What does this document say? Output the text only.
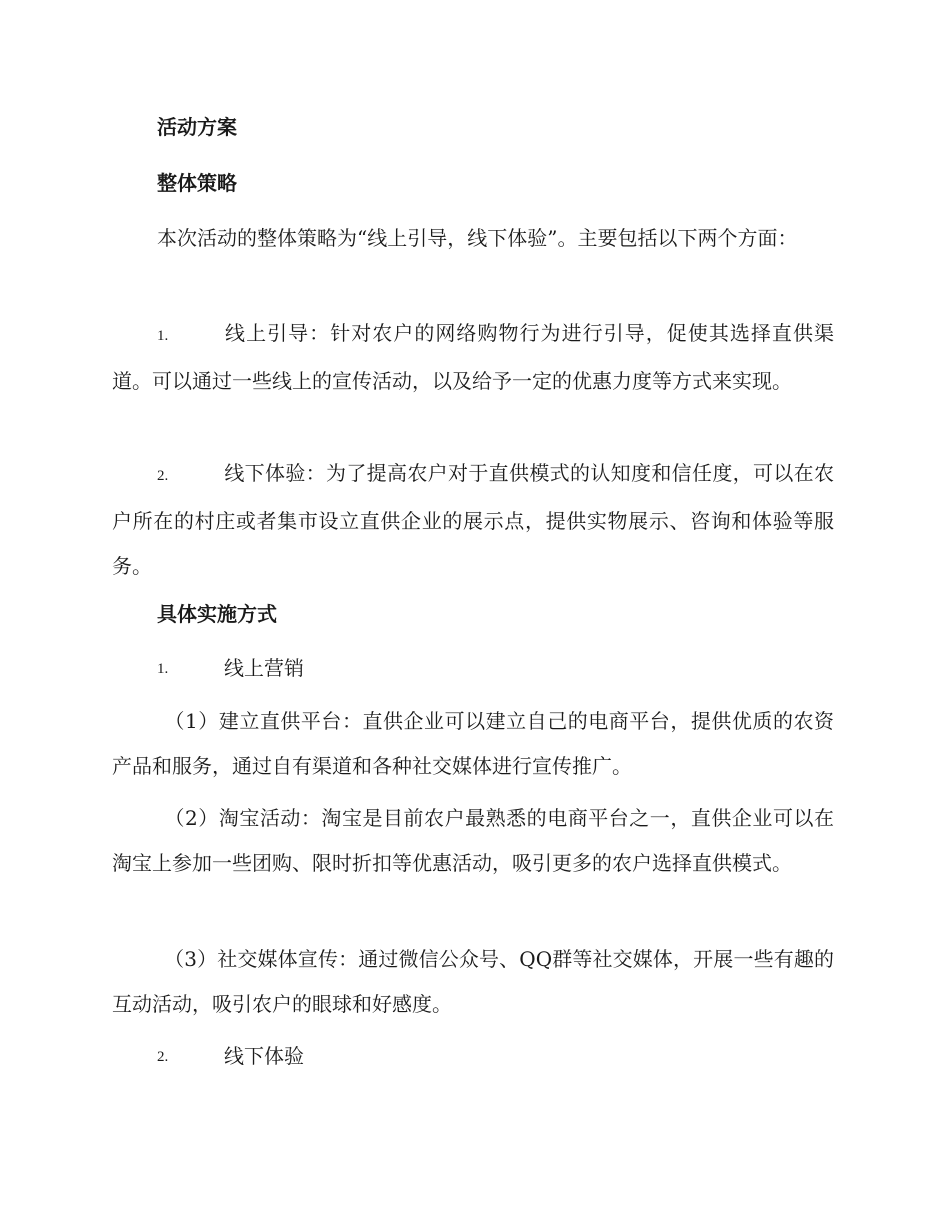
活动方案
整体策略
本次活动的整体策略为“线上引导，线下体验”。主要包括以下两个方面：
1.	线上引导：针对农户的网络购物行为进行引导，促使其选择直供渠道。可以通过一些线上的宣传活动，以及给予一定的优惠力度等方式来实现。
2.	线下体验：为了提高农户对于直供模式的认知度和信任度，可以在农户所在的村庄或者集市设立直供企业的展示点，提供实物展示、咨询和体验等服务。
具体实施方式
1.	线上营销
（1）建立直供平台：直供企业可以建立自己的电商平台，提供优质的农资产品和服务，通过自有渠道和各种社交媒体进行宣传推广。
（2）淘宝活动：淘宝是目前农户最熟悉的电商平台之一，直供企业可以在淘宝上参加一些团购、限时折扣等优惠活动，吸引更多的农户选择直供模式。
（3）社交媒体宣传：通过微信公众号、QQ群等社交媒体，开展一些有趣的互动活动，吸引农户的眼球和好感度。
2.	线下体验
